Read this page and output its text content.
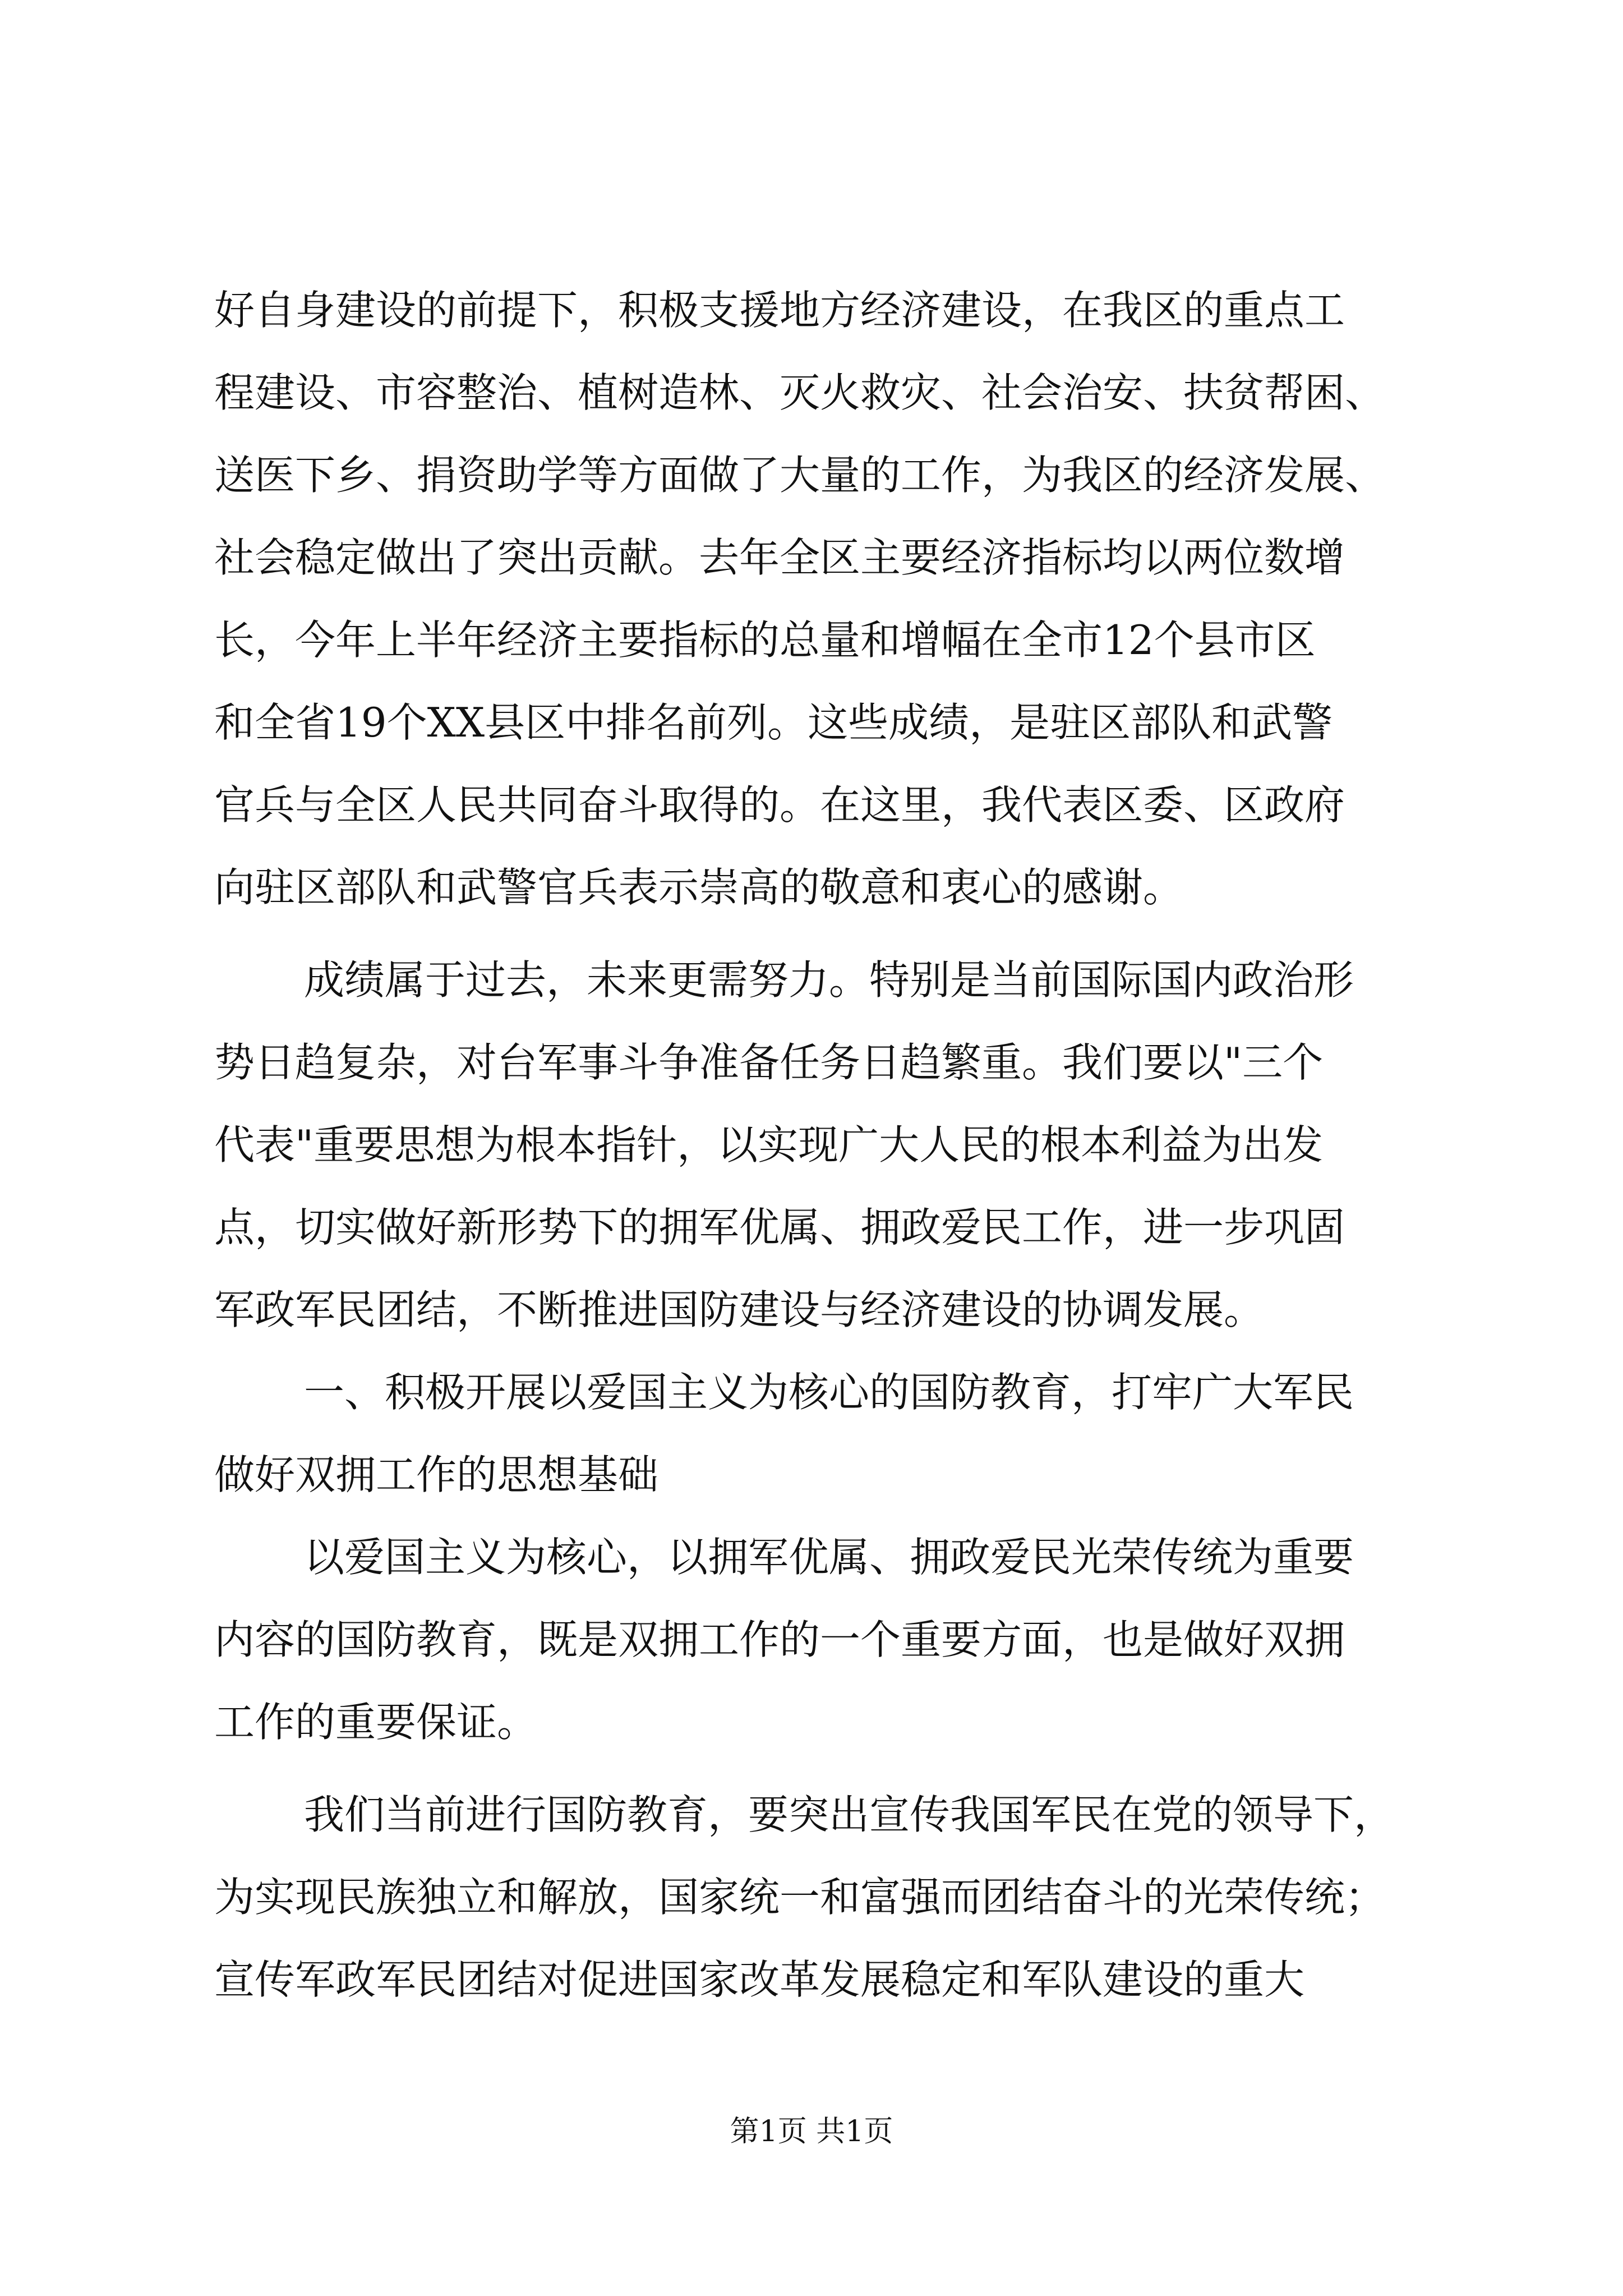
好自身建设的前提下，积极支援地方经济建设，在我区的重点工
程建设、市容整治、植树造林、灭火救灾、社会治安、扶贫帮困、
送医下乡、捐资助学等方面做了大量的工作，为我区的经济发展、
社会稳定做出了突出贡献。去年全区主要经济指标均以两位数增
长，今年上半年经济主要指标的总量和增幅在全市12个县市区
和全省19个XX县区中排名前列。这些成绩，是驻区部队和武警
官兵与全区人民共同奋斗取得的。在这里，我代表区委、区政府
向驻区部队和武警官兵表示崇高的敬意和衷心的感谢。
成绩属于过去，未来更需努力。特别是当前国际国内政治形
势日趋复杂，对台军事斗争准备任务日趋繁重。我们要以"三个
代表"重要思想为根本指针，以实现广大人民的根本利益为出发
点，切实做好新形势下的拥军优属、拥政爱民工作，进一步巩固
军政军民团结，不断推进国防建设与经济建设的协调发展。
一、积极开展以爱国主义为核心的国防教育，打牢广大军民
做好双拥工作的思想基础
以爱国主义为核心，以拥军优属、拥政爱民光荣传统为重要
内容的国防教育，既是双拥工作的一个重要方面，也是做好双拥
工作的重要保证。
我们当前进行国防教育，要突出宣传我国军民在党的领导下，
为实现民族独立和解放，国家统一和富强而团结奋斗的光荣传统；
宣传军政军民团结对促进国家改革发展稳定和军队建设的重大
第1页 共1页
